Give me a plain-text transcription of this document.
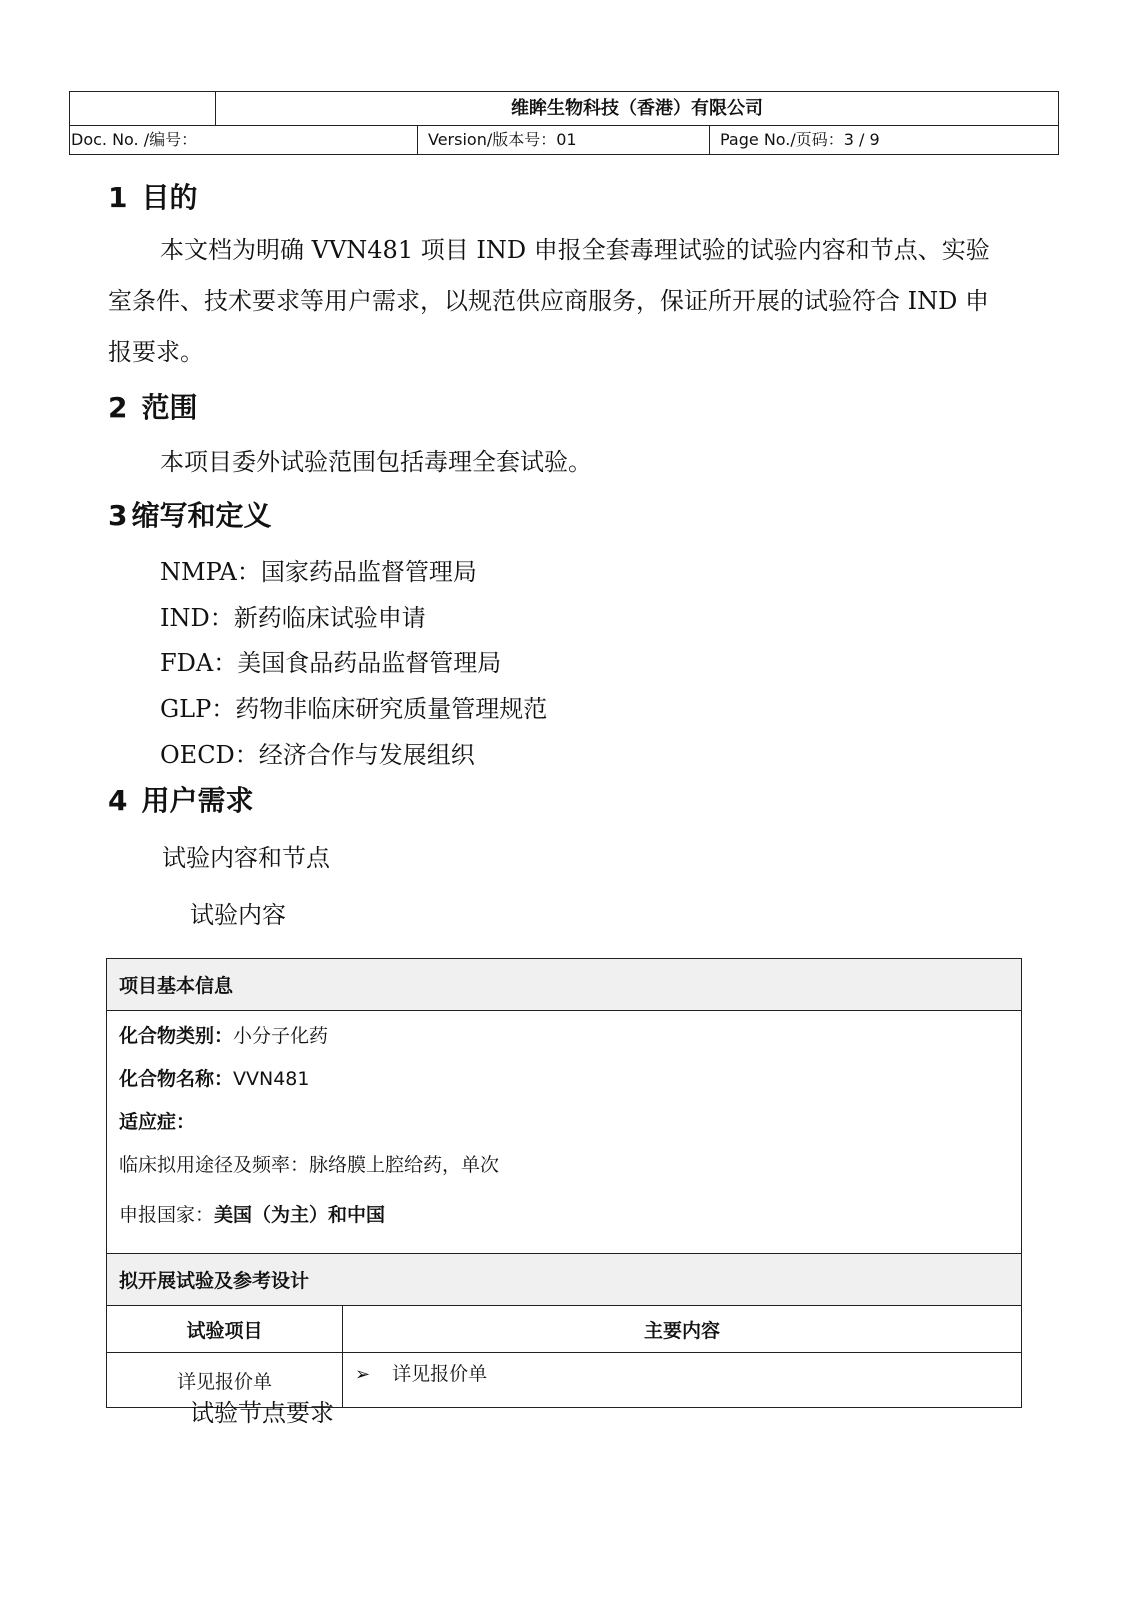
维眸生物科技（香港）有限公司
Doc. No. /编号：	Version/版本号：01	Page No./页码：3 / 9
1 目的
本文档为明确 VVN481 项目 IND 申报全套毒理试验的试验内容和节点、实验室条件、技术要求等用户需求，以规范供应商服务，保证所开展的试验符合 IND 申报要求。
2 范围
本项目委外试验范围包括毒理全套试验。
3 缩写和定义
NMPA：国家药品监督管理局
IND：新药临床试验申请
FDA：美国食品药品监督管理局
GLP：药物非临床研究质量管理规范
OECD：经济合作与发展组织
4 用户需求
试验内容和节点
试验内容
项目基本信息	

化合物类别：小分子化药
化合物名称：VVN481
适应症：
临床拟用途径及频率：脉络膜上腔给药，单次
申报国家：美国（为主）和中国	

拟开展试验及参考设计	
试验项目	主要内容
详见报价单	➢ 详见报价单
试验节点要求
